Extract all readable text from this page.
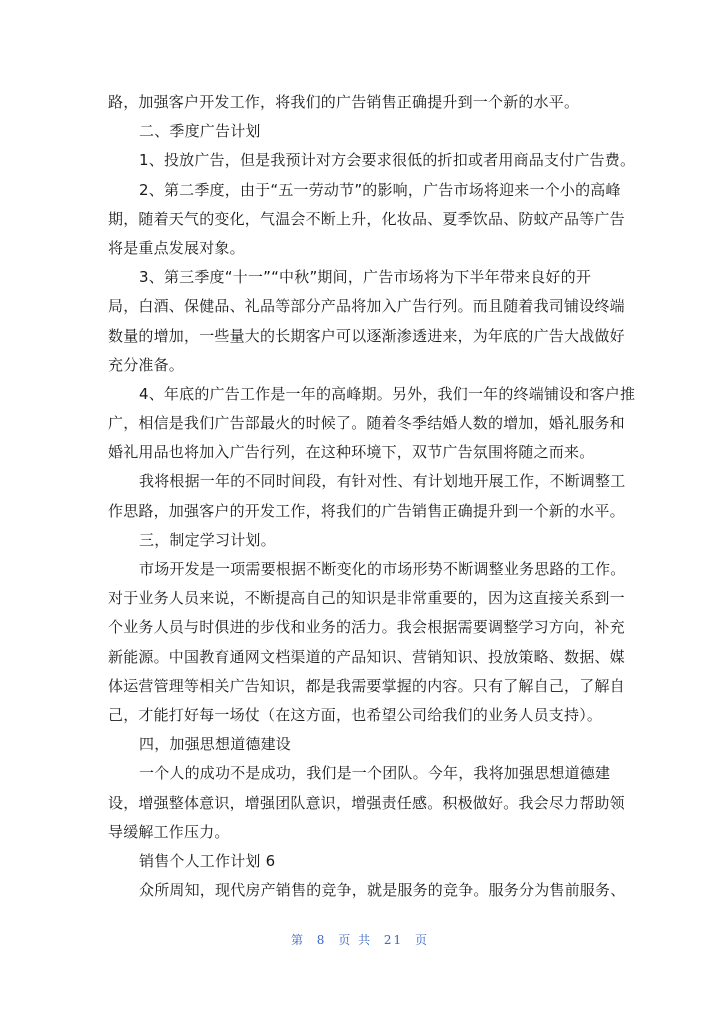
路，加强客户开发工作，将我们的广告销售正确提升到一个新的水平。
二、季度广告计划
1、投放广告，但是我预计对方会要求很低的折扣或者用商品支付广告费。
2、第二季度，由于“五一劳动节”的影响，广告市场将迎来一个小的高峰
期，随着天气的变化，气温会不断上升，化妆品、夏季饮品、防蚊产品等广告
将是重点发展对象。
3、第三季度“十一”“中秋”期间，广告市场将为下半年带来良好的开
局，白酒、保健品、礼品等部分产品将加入广告行列。而且随着我司铺设终端
数量的增加，一些量大的长期客户可以逐渐渗透进来，为年底的广告大战做好
充分准备。
4、年底的广告工作是一年的高峰期。另外，我们一年的终端铺设和客户推
广，相信是我们广告部最火的时候了。随着冬季结婚人数的增加，婚礼服务和
婚礼用品也将加入广告行列，在这种环境下，双节广告氛围将随之而来。
我将根据一年的不同时间段，有针对性、有计划地开展工作，不断调整工
作思路，加强客户的开发工作，将我们的广告销售正确提升到一个新的水平。
三，制定学习计划。
市场开发是一项需要根据不断变化的市场形势不断调整业务思路的工作。
对于业务人员来说，不断提高自己的知识是非常重要的，因为这直接关系到一
个业务人员与时俱进的步伐和业务的活力。我会根据需要调整学习方向，补充
新能源。中国教育通网文档渠道的产品知识、营销知识、投放策略、数据、媒
体运营管理等相关广告知识，都是我需要掌握的内容。只有了解自己，了解自
己，才能打好每一场仗（在这方面，也希望公司给我们的业务人员支持）。
四，加强思想道德建设
一个人的成功不是成功，我们是一个团队。今年，我将加强思想道德建
设，增强整体意识，增强团队意识，增强责任感。积极做好。我会尽力帮助领
导缓解工作压力。
销售个人工作计划 6
众所周知，现代房产销售的竞争，就是服务的竞争。服务分为售前服务、
第 8 页 共 21 页
